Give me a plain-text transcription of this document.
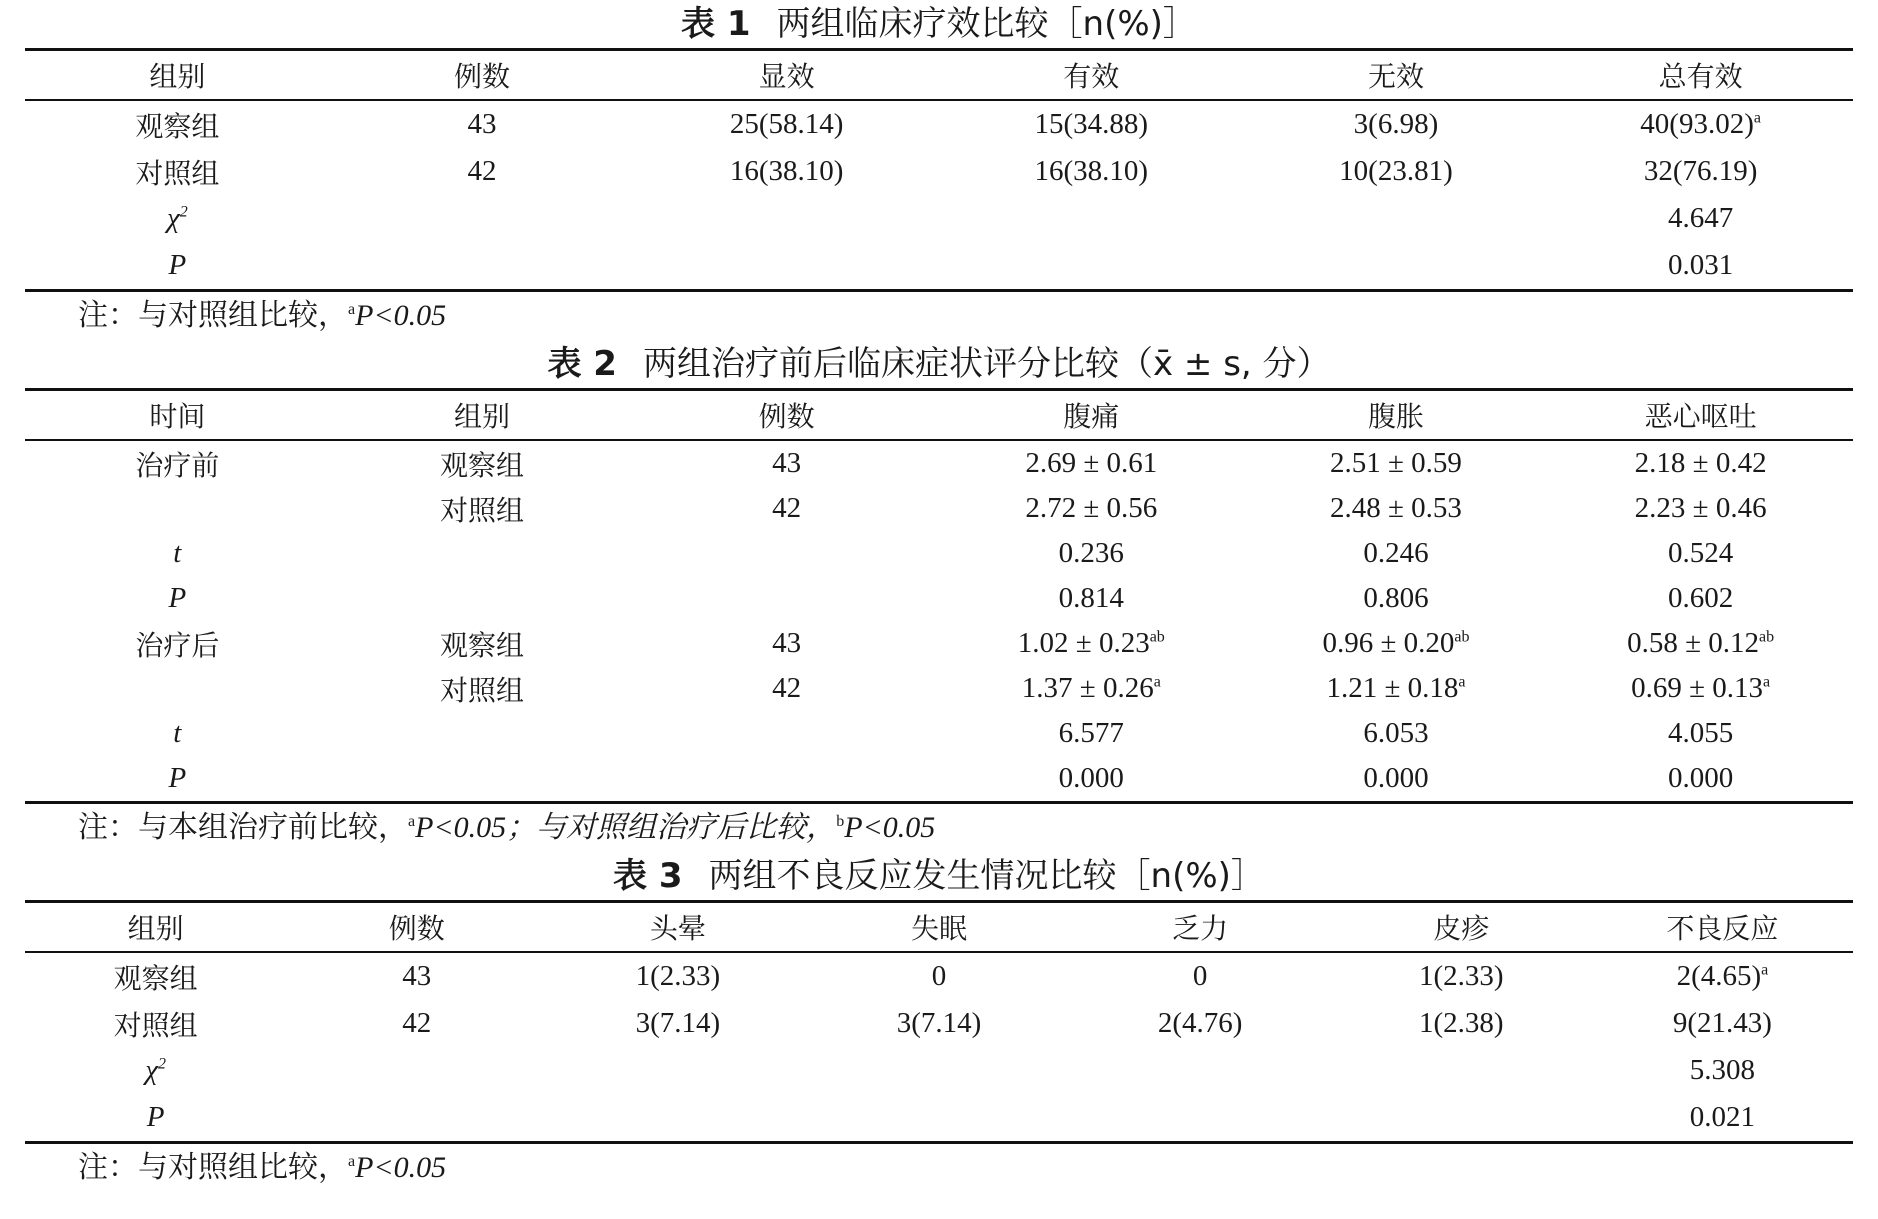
表 1 两组临床疗效比较［n(%)］
组别	例数	显效	有效	无效	总有效
观察组	43	25(58.14)	15(34.88)	3(6.98)	$40(93.02)^a$
对照组	42	16(38.10)	16(38.10)	10(23.81)	32(76.19)
$\chi^2$					4.647
P					0.031
注：与对照组比较，$^a$P<0.05
表 2 两组治疗前后临床症状评分比较（x̄ ± s, 分）
时间	组别	例数	腹痛	腹胀	恶心呕吐
治疗前	观察组	43	2.69 ± 0.61	2.51 ± 0.59	2.18 ± 0.42
	对照组	42	2.72 ± 0.56	2.48 ± 0.53	2.23 ± 0.46
t			0.236	0.246	0.524
P			0.814	0.806	0.602
治疗后	观察组	43	1.02 ± 0.23$^{ab}$	0.96 ± 0.20$^{ab}$	0.58 ± 0.12$^{ab}$
	对照组	42	1.37 ± 0.26$^a$	1.21 ± 0.18$^a$	0.69 ± 0.13$^a$
t			6.577	6.053	4.055
P			0.000	0.000	0.000
注：与本组治疗前比较，$^a$P<0.05；与对照组治疗后比较，$^b$P<0.05
表 3 两组不良反应发生情况比较［n(%)］
组别	例数	头晕	失眠	乏力	皮疹	不良反应
观察组	43	1(2.33)	0	0	1(2.33)	$2(4.65)^a$
对照组	42	3(7.14)	3(7.14)	2(4.76)	1(2.38)	9(21.43)
$\chi^2$						5.308
P						0.021
注：与对照组比较，$^a$P<0.05
